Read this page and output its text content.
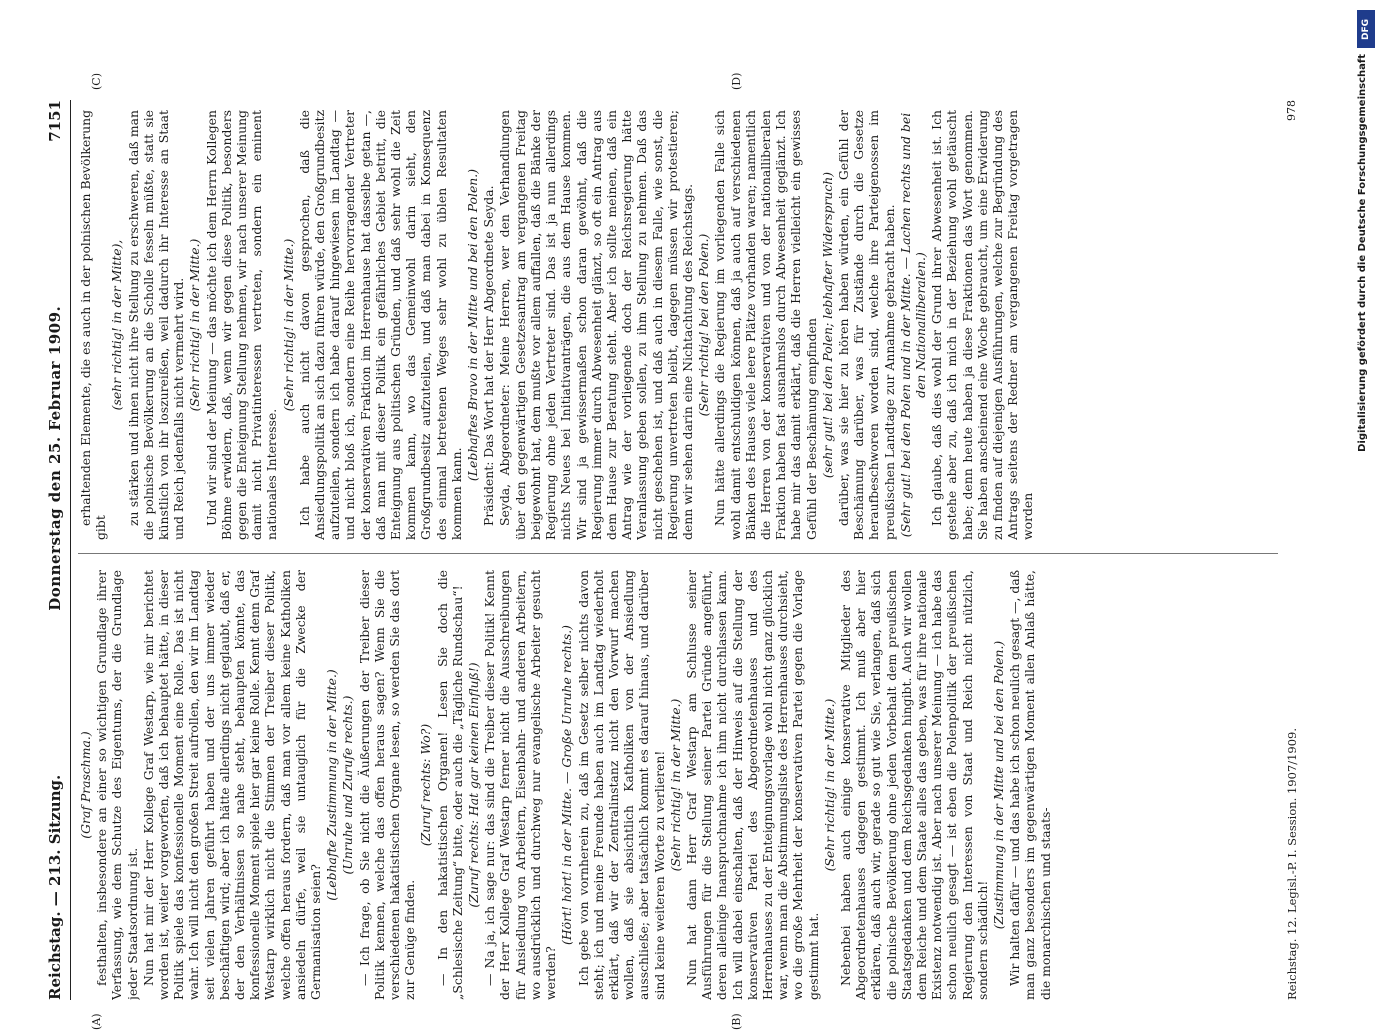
Reichstag. — 213. Sitzung.
Donnerstag den 25. Februar 1909.
7151

(Graf Praschma.) festhalten, insbesondere an einer so wichtigen Grundlage ihrer Verfassung, wie dem Schutze des Eigentums, der die Grundlage jeder Staatsordnung ist. Nun hat mir der Herr Kollege Graf Westarp, wie mir berichtet worden ist, weiter vorgeworfen, daß ich behauptet hätte, in dieser Politik spiele das konfessionelle Moment eine Rolle. Das ist nicht wahr. Ich will nicht den großen Streit aufrollen, den wir im Landtag seit vielen Jahren geführt haben und der uns immer wieder beschäftigen wird; aber ich hätte allerdings nicht geglaubt, daß er, der den Verhältnissen so nahe steht, behaupten könnte, das konfessionelle Moment spiele hier gar keine Rolle. Kennt denn Graf Westarp wirklich nicht die Stimmen der Treiber dieser Politik, welche offen heraus fordern, daß man vor allem keine Katholiken ansiedeln dürfe, weil sie untauglich für die Zwecke der Germanisation seien?

(Lebhafte Zustimmung in der Mitte.) (Unruhe und Zurufe rechts.) — Ich frage, ob Sie nicht die Äußerungen der Treiber dieser Politik kennen, welche das offen heraus sagen? Wenn Sie die verschiedenen hakatistischen Organe lesen, so werden Sie das dort zur Genüge finden.

(Zuruf rechts: Wo?) — In den hakatistischen Organen! Lesen Sie doch die „Schlesische Zeitung“ bitte, oder auch die „Tägliche Rundschau“! (Zuruf rechts: Hat gar keinen Einfluß!) — Na ja, ich sage nur: das sind die Treiber dieser Politik! Kennt der Herr Kollege Graf Westarp ferner nicht die Ausschreibungen für Ansiedlung von Arbeitern, Eisenbahn- und anderen Arbeitern, wo ausdrücklich und durchweg nur evangelische Arbeiter gesucht werden?

(Hört! hört! in der Mitte. — Große Unruhe rechts.) Ich gebe von vornherein zu, daß im Gesetz selber nichts davon steht; ich und meine Freunde haben auch im Landtag wiederholt erklärt, daß wir der Zentralinstanz nicht den Vorwurf machen wollen, daß sie absichtlich Katholiken von der Ansiedlung ausschließe; aber tatsächlich kommt es darauf hinaus, und darüber sind keine weiteren Worte zu verlieren! (Sehr richtig! in der Mitte.) Nun hat dann Herr Graf Westarp am Schlusse seiner Ausführungen für die Stellung seiner Partei Gründe angeführt, deren alleinige Inanspruchnahme ich ihm nicht durchlassen kann. Ich will dabei einschalten, daß der Hinweis auf die Stellung der konservativen Partei des Abgeordnetenhauses und des Herrenhauses zu der Enteignungsvorlage wohl nicht ganz glücklich war, wenn man die Abstimmungsliste des Herrenhauses durchsieht, wo die große Mehrheit der konservativen Partei gegen die Vorlage gestimmt hat.

(Sehr richtig! in der Mitte.) Nebenbei haben auch einige konservative Mitglieder des Abgeordnetenhauses dagegen gestimmt. Ich muß aber hier erklären, daß auch wir, gerade so gut wie Sie, verlangen, daß sich die polnische Bevölkerung ohne jeden Vorbehalt dem preußischen Staatsgedanken und dem Reichsgedanken hingibt. Auch wir wollen dem Reiche und dem Staate alles das geben, was für ihre nationale Existenz notwendig ist. Aber nach unserer Meinung — ich habe das schon neulich gesagt — ist eben die Polenpolitik der preußischen Regierung den Interessen von Staat und Reich nicht nützlich, sondern schädlich!

(Zustimmung in der Mitte und bei den Polen.) Wir halten dafür — und das habe ich schon neulich gesagt —, daß man ganz besonders im gegenwärtigen Moment allen Anlaß hätte, die monarchischen und staats-

erhaltenden Elemente, die es auch in der polnischen Bevölkerung gibt

(sehr richtig! in der Mitte), zu stärken und ihnen nicht ihre Stellung zu erschweren, daß man die polnische Bevölkerung an die Scholle fesseln müßte, statt sie künstlich von ihr loszureißen, weil dadurch ihr Interesse an Staat und Reich jedenfalls nicht vermehrt wird. (Sehr richtig! in der Mitte.) Und wir sind der Meinung — das möchte ich dem Herrn Kollegen Böhme erwidern, daß, wenn wir gegen diese Politik, besonders gegen die Enteignung Stellung nehmen, wir nach unserer Meinung damit nicht Privatinteressen vertreten, sondern ein eminent nationales Interesse.

(Sehr richtig! in der Mitte.) Ich habe auch nicht davon gesprochen, daß die Ansiedlungspolitik an sich dazu führen würde, den Großgrundbesitz aufzuteilen, sondern ich habe darauf hingewiesen im Landtag — und nicht bloß ich, sondern eine Reihe hervorragender Vertreter der konservativen Fraktion im Herrenhause hat dasselbe getan —, daß man mit dieser Politik ein gefährliches Gebiet betritt, die Enteignung aus politischen Gründen, und daß sehr wohl die Zeit kommen kann, wo das Gemeinwohl darin sieht, den Großgrundbesitz aufzuteilen, und daß man dabei in Konsequenz des einmal betretenen Weges sehr wohl zu üblen Resultaten kommen kann.

(Lebhaftes Bravo in der Mitte und bei den Polen.) Präsident: Das Wort hat der Herr Abgeordnete Seyda. Seyda, Abgeordneter: Meine Herren, wer den Verhandlungen über den gegenwärtigen Gesetzesantrag am vergangenen Freitag beigewohnt hat, dem mußte vor allem auffallen, daß die Bänke der Regierung ohne jeden Vertreter sind. Das ist ja nun allerdings nichts Neues bei Initiativanträgen, die aus dem Hause kommen. Wir sind ja gewissermaßen schon daran gewöhnt, daß die Regierung immer durch Abwesenheit glänzt, so oft ein Antrag aus dem Hause zur Beratung steht. Aber ich sollte meinen, daß ein Antrag wie der vorliegende doch der Reichsregierung hätte Veranlassung geben sollen, zu ihm Stellung zu nehmen. Daß das nicht geschehen ist, und daß auch in diesem Falle, wie sonst, die Regierung unvertreten bleibt, dagegen müssen wir protestieren; denn wir sehen darin eine Nichtachtung des Reichstags. (Sehr richtig! bei den Polen.) Nun hätte allerdings die Regierung im vorliegenden Falle sich wohl damit entschuldigen können, daß ja auch auf verschiedenen Bänken des Hauses viele leere Plätze vorhanden waren; namentlich die Herren von der konservativen und von der nationalliberalen Fraktion haben fast ausnahmslos durch Abwesenheit geglänzt. Ich habe mir das damit erklärt, daß die Herren vielleicht ein gewisses Gefühl der Beschämung empfinden (sehr gut! bei den Polen; lebhafter Widerspruch) darüber, was sie hier zu hören haben würden, ein Gefühl der Beschämung darüber, was für Zustände durch die Gesetze heraufbeschworen worden sind, welche ihre Parteigenossen im preußischen Landtage zur Annahme gebracht haben. (Sehr gut! bei den Polen und in der Mitte. — Lachen rechts und bei den Nationalliberalen.) Ich glaube, daß dies wohl der Grund ihrer Abwesenheit ist. Ich gestehe aber zu, daß ich mich in der Beziehung wohl getäuscht habe; denn heute haben ja diese Fraktionen das Wort genommen. Sie haben anscheinend eine Woche gebraucht, um eine Erwiderung zu finden auf diejenigen Ausführungen, welche zur Begründung des Antrags seitens der Redner am vergangenen Freitag vorgetragen worden

(A)	(B)
(C)	(D)
Reichstag. 12. Legisl.-P. I. Session. 1907/1909.
978
DFG
Digitalisierung gefördert durch die Deutsche Forschungsgemeinschaft
